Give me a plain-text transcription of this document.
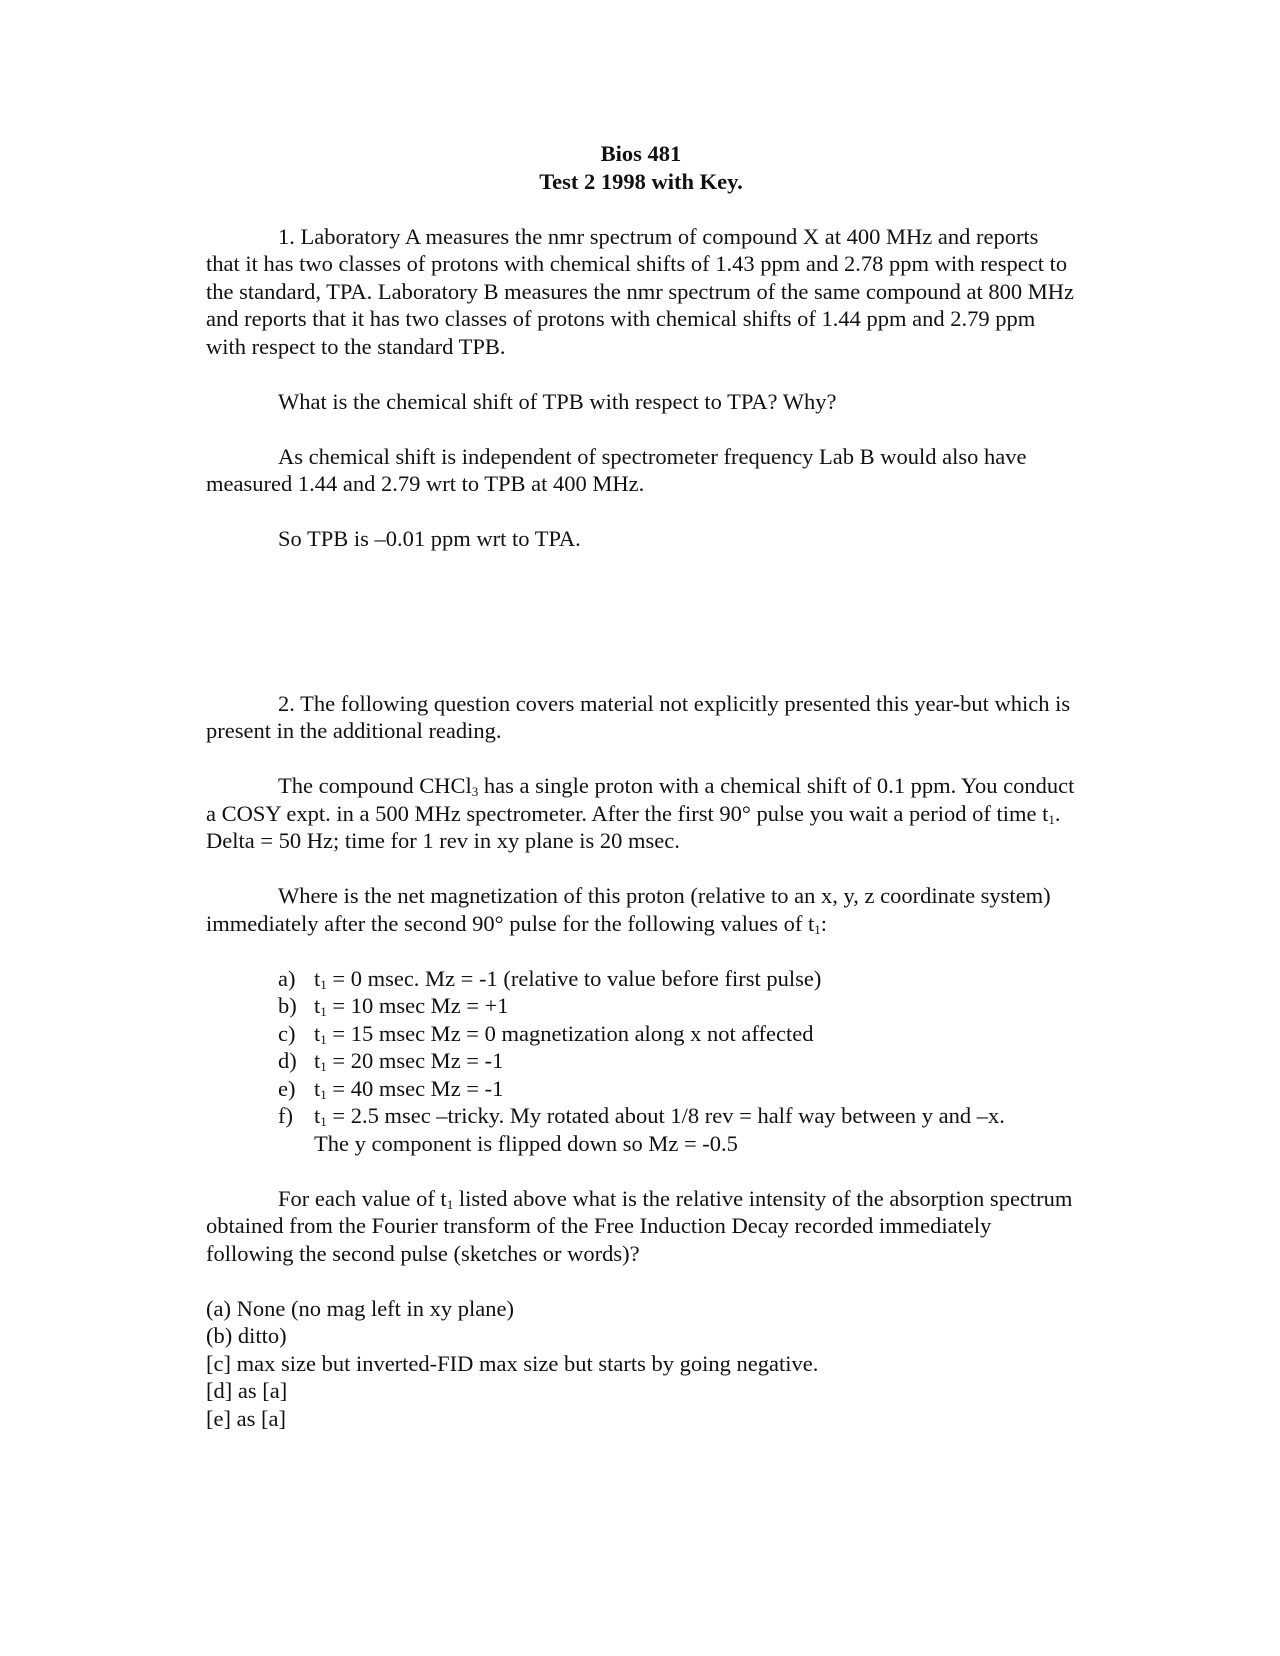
Bios 481

Test 2 1998 with Key.

1. Laboratory A measures the nmr spectrum of compound X at 400 MHz and reports that it has two classes of protons with chemical shifts of 1.43 ppm and 2.78 ppm with respect to the standard, TPA. Laboratory B measures the nmr spectrum of the same compound at 800 MHz and reports that it has two classes of protons with chemical shifts of 1.44 ppm and 2.79 ppm with respect to the standard TPB.

What is the chemical shift of TPB with respect to TPA? Why?

As chemical shift is independent of spectrometer frequency Lab B would also have measured 1.44 and 2.79 wrt to TPB at 400 MHz.

So TPB is –0.01 ppm wrt to TPA.

2. The following question covers material not explicitly presented this year-but which is present in the additional reading.

The compound CHCl$_3$ has a single proton with a chemical shift of 0.1 ppm. You conduct a COSY expt. in a 500 MHz spectrometer. After the first 90° pulse you wait a period of time $t_1$. Delta = 50 Hz; time for 1 rev in xy plane is 20 msec.

Where is the net magnetization of this proton (relative to an x, y, z coordinate system) immediately after the second 90° pulse for the following values of $t_1$:

a) $t_1 = 0$ msec. Mz = -1 (relative to value before first pulse)
b) $t_1 = 10$ msec Mz = +1
c) $t_1 = 15$ msec Mz = 0 magnetization along x not affected
d) $t_1 = 20$ msec Mz = -1
e) $t_1 = 40$ msec Mz = -1
f) $t_1 = 2.5$ msec –tricky. My rotated about 1/8 rev = half way between y and –x.
The y component is flipped down so Mz = -0.5

For each value of $t_1$ listed above what is the relative intensity of the absorption spectrum obtained from the Fourier transform of the Free Induction Decay recorded immediately following the second pulse (sketches or words)?

(a) None (no mag left in xy plane)

(b) ditto)

[c] max size but inverted-FID max size but starts by going negative.

[d] as [a]

[e] as [a]
